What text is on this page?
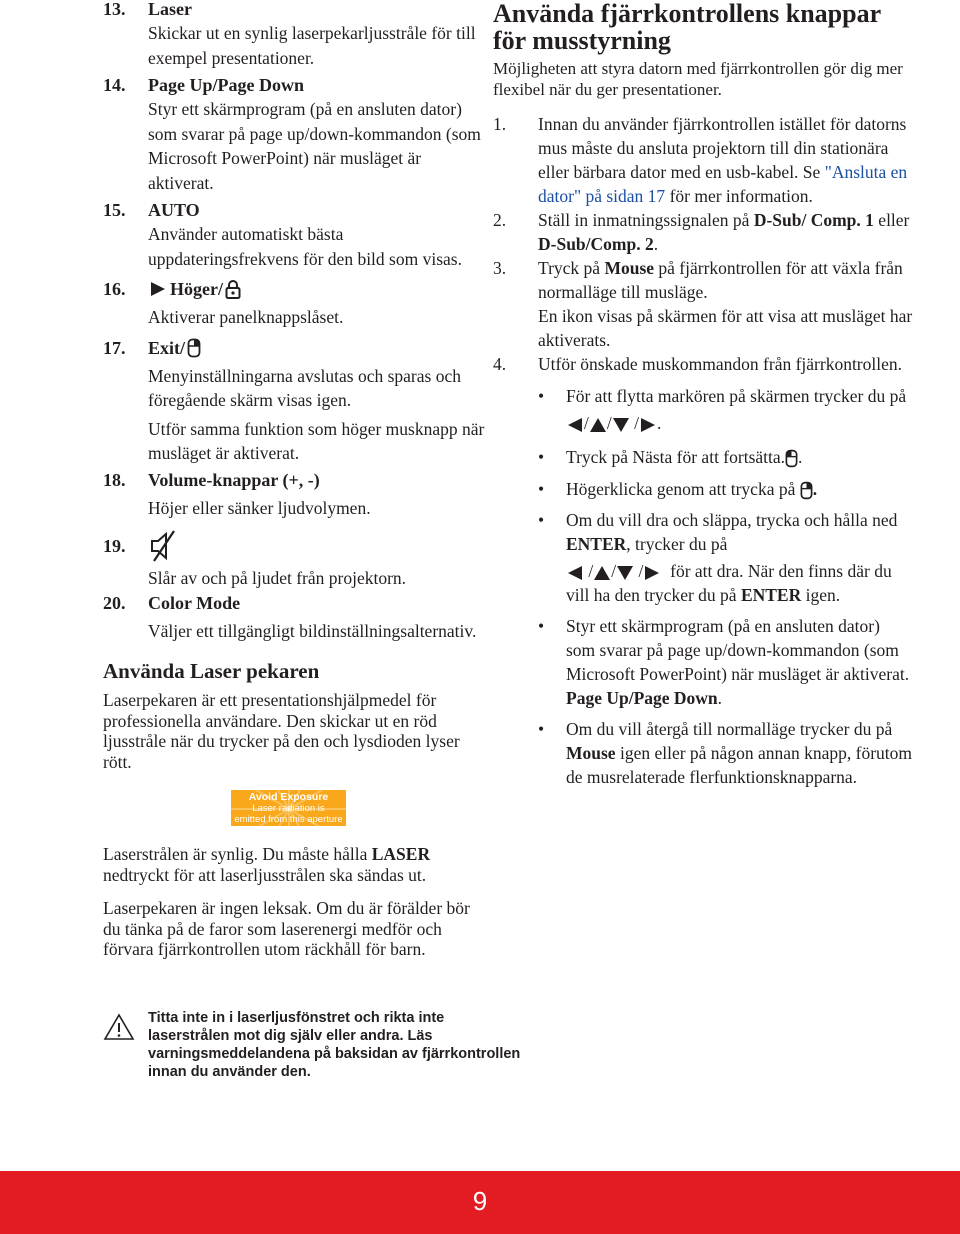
13. Laser
Skickar ut en synlig laserpekarljusstråle för till exempel presentationer.
14. Page Up/Page Down
Styr ett skärmprogram (på en ansluten dator) som svarar på page up/down-kommandon (som Microsoft PowerPoint) när musläget är aktiverat.
15. AUTO
Använder automatiskt bästa uppdateringsfrekvens för den bild som visas.
16. Höger/
Aktiverar panelknappslåset.
17. Exit/
Menyinställningarna avslutas och sparas och föregående skärm visas igen.
Utför samma funktion som höger musknapp när musläget är aktiverat.
18. Volume-knappar (+, -)
Höjer eller sänker ljudvolymen.
19.
Slår av och på ljudet från projektorn.
20. Color Mode
Väljer ett tillgängligt bildinställningsalternativ.
Använda Laser pekaren
Laserpekaren är ett presentationshjälpmedel för professionella användare. Den skickar ut en röd ljusstråle när du trycker på den och lysdioden lyser rött.
Avoid Exposure
Laser radiation is
emitted from this aperture
Laserstrålen är synlig. Du måste hålla LASER nedtryckt för att laserljusstrålen ska sändas ut.
Laserpekaren är ingen leksak. Om du är förälder bör du tänka på de faror som laserenergi medför och förvara fjärrkontrollen utom räckhåll för barn.
Titta inte in i laserljusfönstret och rikta inte laserstrålen mot dig själv eller andra. Läs varningsmeddelandena på baksidan av fjärrkontrollen innan du använder den.
Använda fjärrkontrollens knappar för musstyrning
Möjligheten att styra datorn med fjärrkontrollen gör dig mer flexibel när du ger presentationer.
1. Innan du använder fjärrkontrollen istället för datorns mus måste du ansluta projektorn till din stationära eller bärbara dator med en usb-kabel. Se "Ansluta en dator" på sidan 17 för mer information.
2. Ställ in inmatningssignalen på D-Sub/ Comp. 1 eller D-Sub/Comp. 2.
3. Tryck på Mouse på fjärrkontrollen för att växla från normalläge till musläge.
En ikon visas på skärmen för att visa att musläget har aktiverats.
4. Utför önskade muskommandon från fjärrkontrollen.
• För att flytta markören på skärmen trycker du på / / / .
• Tryck på Nästa för att fortsätta. .
• Högerklicka genom att trycka på .
• Om du vill dra och släppa, trycka och hålla ned ENTER, trycker du på
/ / / för att dra. När den finns där du vill ha den trycker du på ENTER igen.
• Styr ett skärmprogram (på en ansluten dator) som svarar på page up/down-kommandon (som Microsoft PowerPoint) när musläget är aktiverat. Page Up/Page Down.
• Om du vill återgå till normalläge trycker du på Mouse igen eller på någon annan knapp, förutom de musrelaterade flerfunktionsknapparna.
9
